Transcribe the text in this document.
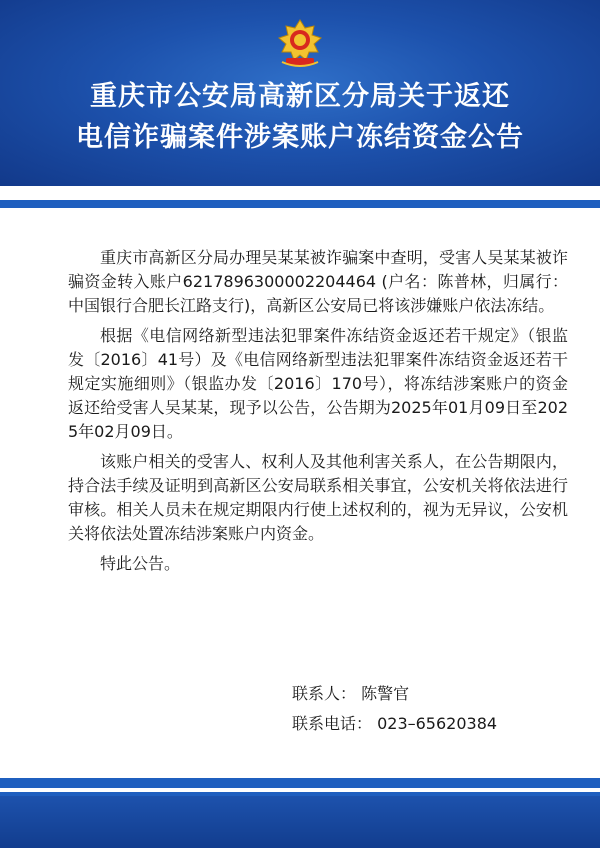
重庆市公安局高新区分局关于返还
电信诈骗案件涉案账户冻结资金公告

重庆市高新区分局办理吴某某被诈骗案中查明，受害人吴某某被诈骗资金转入账户6217896300002204464 (户名：陈普林，归属行：中国银行合肥长江路支行)，高新区公安局已将该涉嫌账户依法冻结。

根据《电信网络新型违法犯罪案件冻结资金返还若干规定》（银监发〔2016〕41号）及《电信网络新型违法犯罪案件冻结资金返还若干规定实施细则》（银监办发〔2016〕170号），将冻结涉案账户的资金返还给受害人吴某某，现予以公告，公告期为2025年01月09日至2025年02月09日。

该账户相关的受害人、权利人及其他利害关系人，在公告期限内，持合法手续及证明到高新区公安局联系相关事宜，公安机关将依法进行审核。相关人员未在规定期限内行使上述权利的，视为无异议，公安机关将依法处置冻结涉案账户内资金。

特此公告。

联系人： 陈警官
联系电话： 023–65620384
